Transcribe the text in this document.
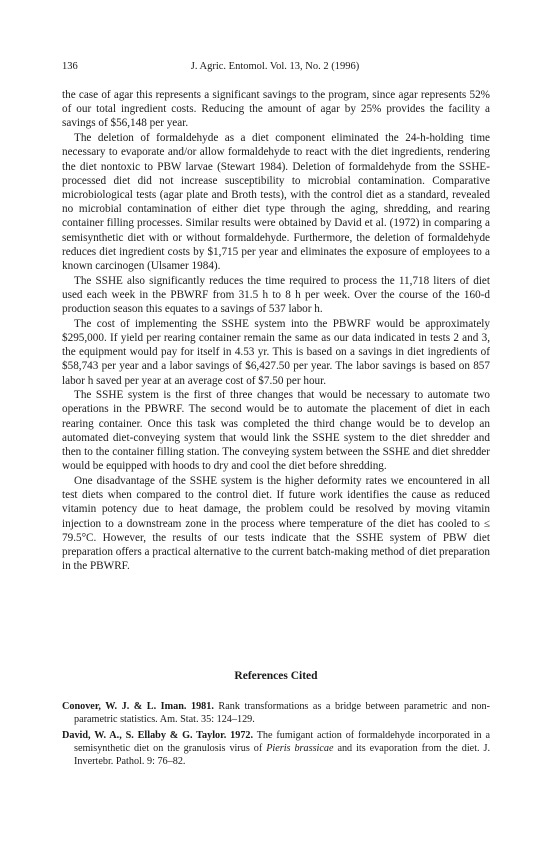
136	J. Agric. Entomol. Vol. 13, No. 2 (1996)

the case of agar this represents a significant savings to the program, since agar represents 52% of our total ingredient costs. Reducing the amount of agar by 25% provides the facility a savings of $56,148 per year.

The deletion of formaldehyde as a diet component eliminated the 24-h-holding time necessary to evaporate and/or allow formaldehyde to react with the diet ingredients, rendering the diet nontoxic to PBW larvae (Stewart 1984). Deletion of formaldehyde from the SSHE-processed diet did not increase susceptibility to microbial contamination. Comparative microbiological tests (agar plate and Broth tests), with the control diet as a standard, revealed no microbial contamination of either diet type through the aging, shredding, and rearing container filling processes. Similar results were obtained by David et al. (1972) in comparing a semisynthetic diet with or without formaldehyde. Furthermore, the deletion of formaldehyde reduces diet ingredient costs by $1,715 per year and eliminates the exposure of employees to a known carcinogen (Ulsamer 1984).

The SSHE also significantly reduces the time required to process the 11,718 liters of diet used each week in the PBWRF from 31.5 h to 8 h per week. Over the course of the 160-d production season this equates to a savings of 537 labor h.

The cost of implementing the SSHE system into the PBWRF would be approximately $295,000. If yield per rearing container remain the same as our data indicated in tests 2 and 3, the equipment would pay for itself in 4.53 yr. This is based on a savings in diet ingredients of $58,743 per year and a labor savings of $6,427.50 per year. The labor savings is based on 857 labor h saved per year at an average cost of $7.50 per hour.

The SSHE system is the first of three changes that would be necessary to automate two operations in the PBWRF. The second would be to automate the placement of diet in each rearing container. Once this task was completed the third change would be to develop an automated diet-conveying system that would link the SSHE system to the diet shredder and then to the container filling station. The conveying system between the SSHE and diet shredder would be equipped with hoods to dry and cool the diet before shredding.

One disadvantage of the SSHE system is the higher deformity rates we encountered in all test diets when compared to the control diet. If future work identifies the cause as reduced vitamin potency due to heat damage, the problem could be resolved by moving vitamin injection to a downstream zone in the process where temperature of the diet has cooled to ≤ 79.5°C. However, the results of our tests indicate that the SSHE system of PBW diet preparation offers a practical alternative to the current batch-making method of diet preparation in the PBWRF.

References Cited
Conover, W. J. & L. Iman. 1981. Rank transformations as a bridge between parametric and non-parametric statistics. Am. Stat. 35: 124–129.
David, W. A., S. Ellaby & G. Taylor. 1972. The fumigant action of formaldehyde incorporated in a semisynthetic diet on the granulosis virus of Pieris brassicae and its evaporation from the diet. J. Invertebr. Pathol. 9: 76–82.
